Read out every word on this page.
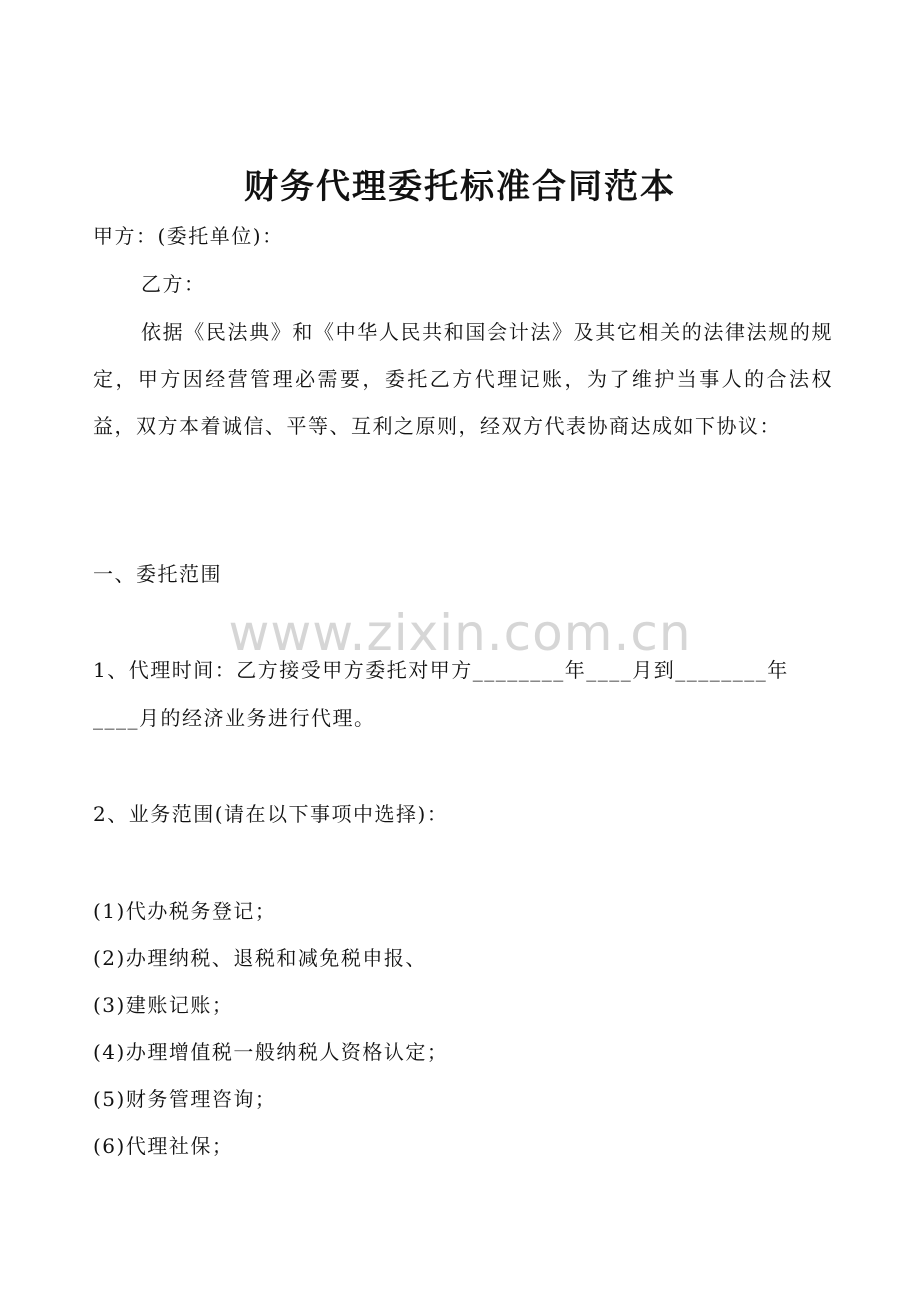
财务代理委托标准合同范本
甲方：(委托单位)：
乙方：
依据《民法典》和《中华人民共和国会计法》及其它相关的法律法规的规定，甲方因经营管理必需要，委托乙方代理记账，为了维护当事人的合法权益，双方本着诚信、平等、互利之原则，经双方代表协商达成如下协议：
一、委托范围
www.zixin.com.cn
1、代理时间：乙方接受甲方委托对甲方________年____月到________年
____月的经济业务进行代理。
2、业务范围(请在以下事项中选择)：
(1)代办税务登记；
(2)办理纳税、退税和减免税申报、
(3)建账记账；
(4)办理增值税一般纳税人资格认定；
(5)财务管理咨询；
(6)代理社保；
